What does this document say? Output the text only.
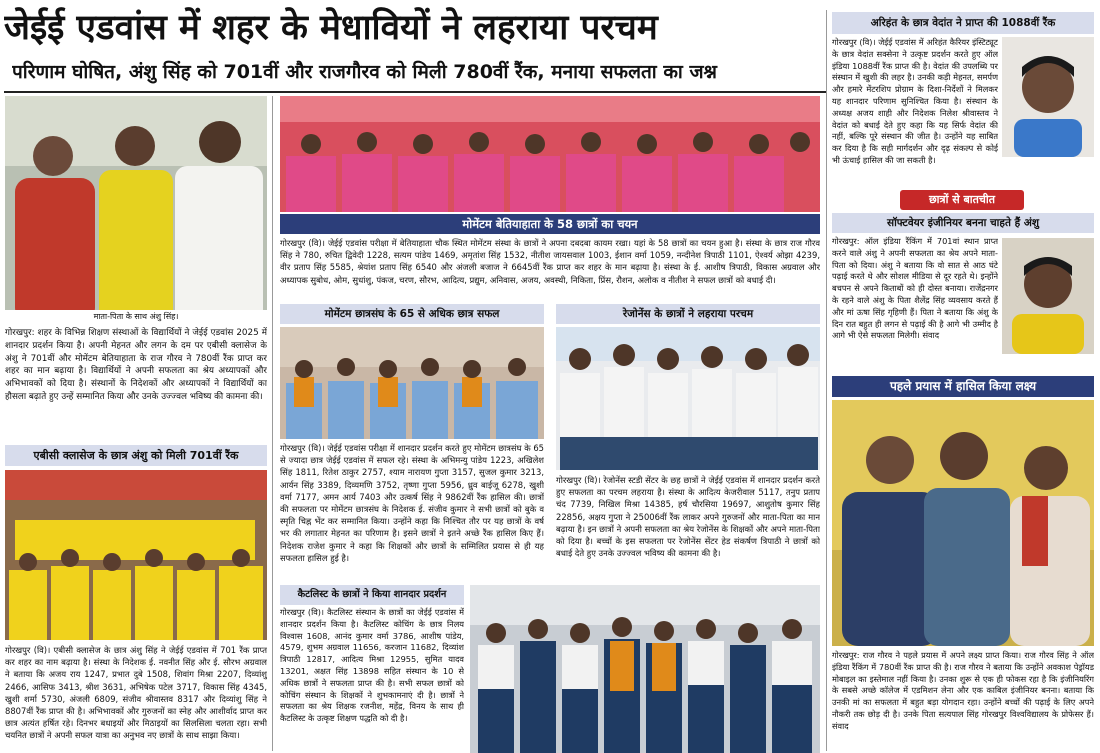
जेईई एडवांस में शहर के मेधावियों ने लहराया परचम
परिणाम घोषित, अंशु सिंह को 701वीं और राजगौरव को मिली 780वीं रैंक, मनाया सफलता का जश्न
माता-पिता के साथ अंशु सिंह।
गोरखपुर: शहर के विभिन्न शिक्षण संस्थाओं के विद्यार्थियों ने जेईई एडवांस 2025 में शानदार प्रदर्शन किया है। अपनी मेहनत और लगन के दम पर एबीसी क्लासेज के अंशु ने 701वीं और मोमेंटम बेतियाहाता के राज गौरव ने 780वीं रैंक प्राप्त कर शहर का मान बढ़ाया है। विद्यार्थियों ने अपनी सफलता का श्रेय अध्यापकों और अभिभावकों को दिया है। संस्थानों के निदेशकों और अध्यापकों ने विद्यार्थियों का हौसला बढ़ाते हुए उन्हें सम्मानित किया और उनके उज्ज्वल भविष्य की कामना की।
एबीसी क्लासेज के छात्र अंशु को मिली 701वीं रैंक
गोरखपुर (वि)। एबीसी क्लासेज के छात्र अंशु सिंह ने जेईई एडवांस में 701 रैंक प्राप्त कर शहर का नाम बढ़ाया है। संस्था के निदेशक ई. नवनीत सिंह और ई. सौरभ अग्रवाल ने बताया कि अजय राय 1247, प्रभात दुबे 1508, शिवांग मिश्रा 2207, दिव्यांशु 2466, आसिफ 3413, श्रीश 3631, अभिषेक पटेल 3717, विकास सिंह 4345, खुशी शर्मा 5730, अंजली 6809, संजीव श्रीवास्तव 8317 और दिव्यांशु सिंह ने 8807वीं रैंक प्राप्त की है। अभिभावकों और गुरुजनों का स्नेह और आशीर्वाद प्राप्त कर छात्र अत्यंत हर्षित रहे। दिनभर बधाइयों और मिठाइयों का सिलसिला चलता रहा। सभी चयनित छात्रों ने अपनी सफल यात्रा का अनुभव नए छात्रों के साथ साझा किया।
मोमेंटम बेतियाहाता के 58 छात्रों का चयन
गोरखपुर (वि)। जेईई एडवांस परीक्षा में बेतियाहाता चौक स्थित मोमेंटम संस्था के छात्रों ने अपना दबदबा कायम रखा। यहां के 58 छात्रों का चयन हुआ है। संस्था के छात्र राज गौरव सिंह ने 780, रुचित द्विवेदी 1228, सत्यम पांडेय 1469, अमृतांश सिंह 1532, नीतीश जायसवाल 1003, ईशान वर्मा 1059, नन्दीनेश त्रिपाठी 1101, ऐश्वर्य ओझा 4239, वीर प्रताप सिंह 5585, श्रेयांश प्रताप सिंह 6540 और अंजली बजाज ने 6645वीं रैंक प्राप्त कर शहर के मान बढ़ाया है। संस्था के ई. आशीष त्रिपाठी, विकास अग्रवाल और अध्यापक सुबोध, ओम, सुधांशु, पंकज, चरण, सौरभ, आदित्य, प्रद्युम, अनिवास, अजय, अवस्थी, निकिता, प्रिंस, रौशन, अलोक व नीतीश ने सफल छात्रों को बधाई दी।
मोमेंटम छात्रसंघ के 65 से अधिक छात्र सफल
गोरखपुर (वि)। जेईई एडवांस परीक्षा में शानदार प्रदर्शन करते हुए मोमेंटम छात्रसंघ के 65 से ज्यादा छात्र जेईई एडवांस में सफल रहे। संस्था के अभिमन्यु पांडेय 1223, अखिलेश सिंह 1811, रितेश ठाकुर 2757, श्याम नारायण गुप्ता 3157, सुजल कुमार 3213, आर्यन सिंह 3389, दिव्यमणि 3752, तृष्णा गुप्ता 5956, ध्रुव बाईजू 6278, खुशी वर्मा 7177, अमन आर्य 7403 और उत्कर्ष सिंह ने 9862वीं रैंक हासिल की। छात्रों की सफलता पर मोमेंटम छात्रसंघ के निदेशक ई. संजीव कुमार ने सभी छात्रों को बुके व स्मृति चिह्न भेंट कर सम्मानित किया। उन्होंने कहा कि निश्चित तौर पर यह छात्रों के वर्ष भर की लगातार मेहनत का परिणाम है। इसने छात्रों ने इतने अच्छे रैंक हासिल किए हैं। निदेशक राजेश कुमार ने कहा कि शिक्षकों और छात्रों के सम्मिलित प्रयास से ही यह सफलता हासिल हुई है।
रेजोनेंस के छात्रों ने लहराया परचम
गोरखपुर (वि)। रेजोनेंस स्टडी सेंटर के छह छात्रों ने जेईई एडवांस में शानदार प्रदर्शन करते हुए सफलता का परचम लहराया है। संस्था के आदित्य केजरीवाल 5117, तनुप प्रताप चंद 7739, निखिल मिश्रा 14385, हर्ष चौरसिया 19697, आशुतोष कुमार सिंह 22856, अक्षय गुप्ता ने 25006वीं रैंक लाकर अपने गुरुजनों और माता-पिता का मान बढ़ाया है। इन छात्रों ने अपनी सफलता का श्रेय रेजोनेंस के शिक्षकों और अपने माता-पिता को दिया है। बच्चों के इस सफलता पर रेजोनेंस सेंटर हेड संकर्षण त्रिपाठी ने छात्रों को बधाई देते हुए उनके उज्ज्वल भविष्य की कामना की है।
कैटलिस्ट के छात्रों ने किया शानदार प्रदर्शन
गोरखपुर (वि)। कैटलिस्ट संस्थान के छात्रों का जेईई एडवांस में शानदार प्रदर्शन किया है। कैटलिस्ट कोचिंग के छात्र निलय विश्वास 1608, आनंद कुमार वर्मा 3786, आशीष पांडेय, 4579, शुभम अग्रवाल 11656, करजान 11682, दिव्यांश त्रिपाठी 12817, आदित्य मिश्रा 12955, सुमित यादव 13201, अक्षत सिंह 13898 सहित संस्थान के 10 से अधिक छात्रों ने सफलता प्राप्त की है। सभी सफल छात्रों को कोचिंग संस्थान के शिक्षकों ने शुभकामनाएं दी है। छात्रों ने सफलता का श्रेय शिक्षक रजनीश, महेंद्र, विनय के साथ ही कैटलिस्ट के उत्कृष्ट शिक्षण पद्धति को दी है।
अरिहंत के छात्र वेदांत ने प्राप्त की 1088वीं रैंक
गोरखपुर (वि)। जेईई एडवांस में अरिहंत कैरियर इंस्टिट्यूट के छात्र वेदांत सक्सेना ने उत्कृष्ट प्रदर्शन करते हुए ऑल इंडिया 1088वीं रैंक प्राप्त की है। वेदांत की उपलब्धि पर संस्थान में खुशी की लहर है। उनकी कड़ी मेहनत, समर्पण और हमारे मेंटरशिप प्रोग्राम के दिशा-निर्देशों ने मिलकर यह शानदार परिणाम सुनिश्चित किया है। संस्थान के अध्यक्ष अजय शाही और निदेशक निलेश श्रीवास्तव ने वेदांत को बधाई देते हुए कहा कि यह सिर्फ वेदांत की नहीं, बल्कि पूरे संस्थान की जीत है। उन्होंने यह साबित कर दिया है कि सही मार्गदर्शन और दृढ़ संकल्प से कोई भी ऊंचाई हासिल की जा सकती है।
छात्रों से बातचीत
सॉफ्टवेयर इंजीनियर बनना चाहते हैं अंशु
गोरखपुर: ऑल इंडिया रैंकिंग में 701वां स्थान प्राप्त करने वाले अंशु ने अपनी सफलता का श्रेय अपने माता-पिता को दिया। अंशु ने बताया कि वो सात से आठ घंटे पढ़ाई करते थे और सोशल मीडिया से दूर रहते थे। इन्होंने बचपन से अपने किताबों को ही दोस्त बनाया। राजेंद्रनगर के रहने वाले अंशु के पिता शैलेंद्र सिंह व्यवसाय करते हैं और मां ऊषा सिंह गृहिणी हैं। पिता ने बताया कि अंशु के दिन रात बहुत ही लगन से पढ़ाई की है आगे भी उम्मीद है आगे भी ऐसे सफलता मिलेगी। संवाद
पहले प्रयास में हासिल किया लक्ष्य
गोरखपुर: राज गौरव ने पहले प्रयास में अपने लक्ष्य प्राप्त किया। राज गौरव सिंह ने ऑल इंडिया रैंकिंग में 780वीं रैंक प्राप्त की है। राज गौरव ने बताया कि उन्होंने अवकाश पेड्रॉयड मोबाइल का इस्तेमाल नहीं किया है। उनका शुरू से एक ही फोकस रहा है कि इंजीनियरिंग के सबसे अच्छे कॉलेज में एडमिशन लेना और एक काबिल इंजीनियर बनना। बताया कि उनकी मां का सफलता में बहुत बड़ा योगदान रहा। उन्होंने बच्चों की पढ़ाई के लिए अपने नौकरी तक छोड़ दी है। उनके पिता सत्यपाल सिंह गोरखपुर विश्वविद्यालय के प्रोफेसर हैं। संवाद
